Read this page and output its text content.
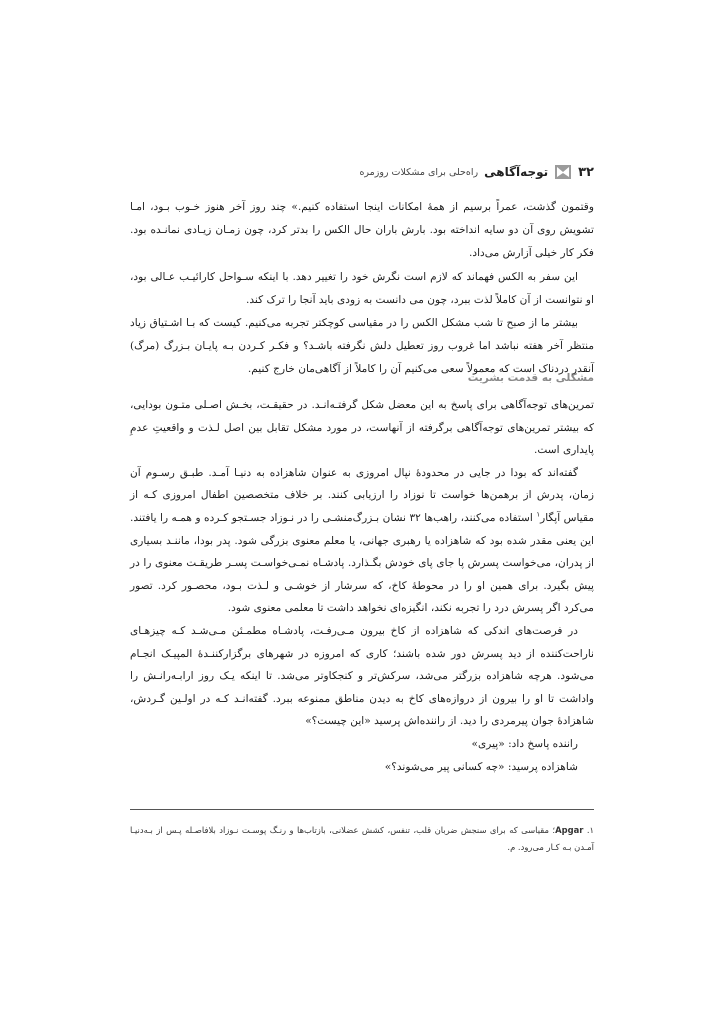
۳۲
توجه‌آگاهی
راه‌حلی برای مشکلات روزمره

وقتمون گذشت، عمراً برسیم از همهٔ امکانات اینجا استفاده کنیم.» چند روز آخر هنوز خـوب بـود، امـا تشویش روی آن دو سایه انداخته بود. بارش باران حال الکس را بدتر کرد، چون زمـان زیـادی نمانـده بود. فکر کار خیلی آزارش می‌داد.

این سفر به الکس فهماند که لازم است نگرش خود را تغییر دهد. با اینکه سـواحل کارائیـب عـالی بود، او نتوانست از آن کاملاً لذت ببرد، چون می دانست به زودی باید آنجا را ترک کند.

بیشتر ما از صبح تا شب مشکل الکس را در مقیاسی کوچکتر تجربه می‌کنیم. کیست که بـا اشـتیاق زیاد منتظر آخر هفته نباشد اما غروب روز تعطیل دلش نگرفته باشـد؟ و فکـر کـردن بـه پایـان بـزرگ (مرگ) آنقدر دردناک است که معمولاً سعی می‌کنیم آن را کاملاً از آگاهی‌مان خارج کنیم.

مشکلی به قدمت بشریت

تمرین‌های توجه‌آگاهی برای پاسخ به این معضل شکل گرفتـه‌انـد. در حقیقـت، بخـش اصـلی متـون بودایی، که بیشتر تمرین‌های توجه‌آگاهی برگرفته از آنهاست، در مورد مشکل تقابل بین اصل لـذت و واقعیتِ عدمِ پایداری است.

گفته‌اند که بودا در جایی در محدودهٔ نپال امروزی به عنوان شاهزاده به دنیـا آمـد. طبـق رسـوم آن زمان، پدرش از برهمن‌ها خواست تا نوزاد را ارزیابی کنند. بر خلاف متخصصین اطفال امروزی کـه از مقیاس آپگار$^۱$ استفاده می‌کنند، راهب‌ها ۳۲ نشان بـزرگ‌منشـی را در نـوزاد جسـتجو کـرده و همـه را یافتند. این یعنی مقدر شده بود که شاهزاده یا رهبری جهانی، یا معلم معنوی بزرگی شود. پدر بودا، ماننـد بسیاری از پدران، می‌خواست پسرش پا جای پای خودش بگـذارد. پادشـاه نمـی‌خواسـت پسـر طریقـت معنوی را در پیش بگیرد. برای همین او را در محوطهٔ کاخ، که سرشار از خوشـی و لـذت بـود، محصـور کرد. تصور می‌کرد اگر پسرش درد را تجربه نکند، انگیزه‌ای نخواهد داشت تا معلمی معنوی شود.

در فرصت‌های اندکی که شاهزاده از کاخ بیرون مـی‌رفـت، پادشـاه مطمـئن مـی‌شـد کـه چیزهـای ناراحت‌کننده از دید پسرش دور شده باشند؛ کاری که امروزه در شهرهای برگزارکننـدهٔ المپیـک انجـام می‌شود. هرچه شاهزاده بزرگتر می‌شد، سرکش‌تر و کنجکاوتر می‌شد. تا اینکه یـک روز ارابـه‌رانـش را واداشت تا او را بیرون از دروازه‌های کاخ به دیدن مناطق ممنوعه ببرد. گفته‌انـد کـه در اولـین گـردش، شاهزادهٔ جوان پیرمردی را دید. از راننده‌اش پرسید «این چیست؟»

راننده پاسخ داد: «پیری»

شاهزاده پرسید: «چه کسانی پیر می‌شوند؟»

۱. Apgar؛ مقیاسی که برای سنجش ضربان قلب، تنفس، کشش عضلانی، بازتاب‌ها و رنـگ پوسـت نـوزاد بلافاصـله پـس از بـه‌دنیـا آمـدن بـه کـار می‌رود. م.
